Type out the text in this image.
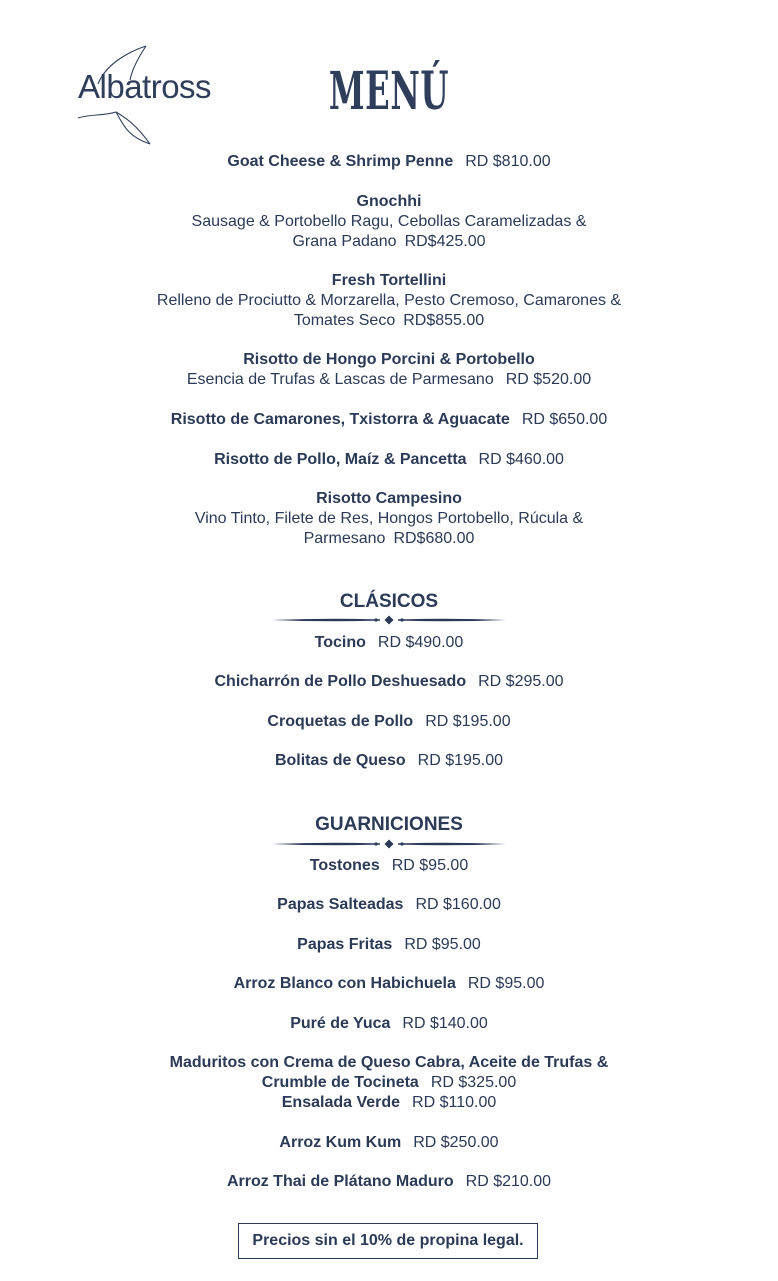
Albatross	MENÚ
Goat Cheese & Shrimp Penne RD $810.00
Gnochhi
Sausage & Portobello Ragu, Cebollas Caramelizadas &
Grana Padano RD$425.00
Fresh Tortellini
Relleno de Prociutto & Morzarella, Pesto Cremoso, Camarones &
Tomates Seco RD$855.00
Risotto de Hongo Porcini & Portobello
Esencia de Trufas & Lascas de Parmesano RD $520.00
Risotto de Camarones, Txistorra & Aguacate RD $650.00
Risotto de Pollo, Maíz & Pancetta RD $460.00
Risotto Campesino
Vino Tinto, Filete de Res, Hongos Portobello, Rúcula &
Parmesano RD$680.00
CLÁSICOS
Tocino RD $490.00
Chicharrón de Pollo Deshuesado RD $295.00
Croquetas de Pollo RD $195.00
Bolitas de Queso RD $195.00
GUARNICIONES
Tostones RD $95.00
Papas Salteadas RD $160.00
Papas Fritas RD $95.00
Arroz Blanco con Habichuela RD $95.00
Puré de Yuca RD $140.00
Maduritos con Crema de Queso Cabra, Aceite de Trufas &
Crumble de Tocineta RD $325.00
Ensalada Verde RD $110.00
Arroz Kum Kum RD $250.00
Arroz Thai de Plátano Maduro RD $210.00
Precios sin el 10% de propina legal.
